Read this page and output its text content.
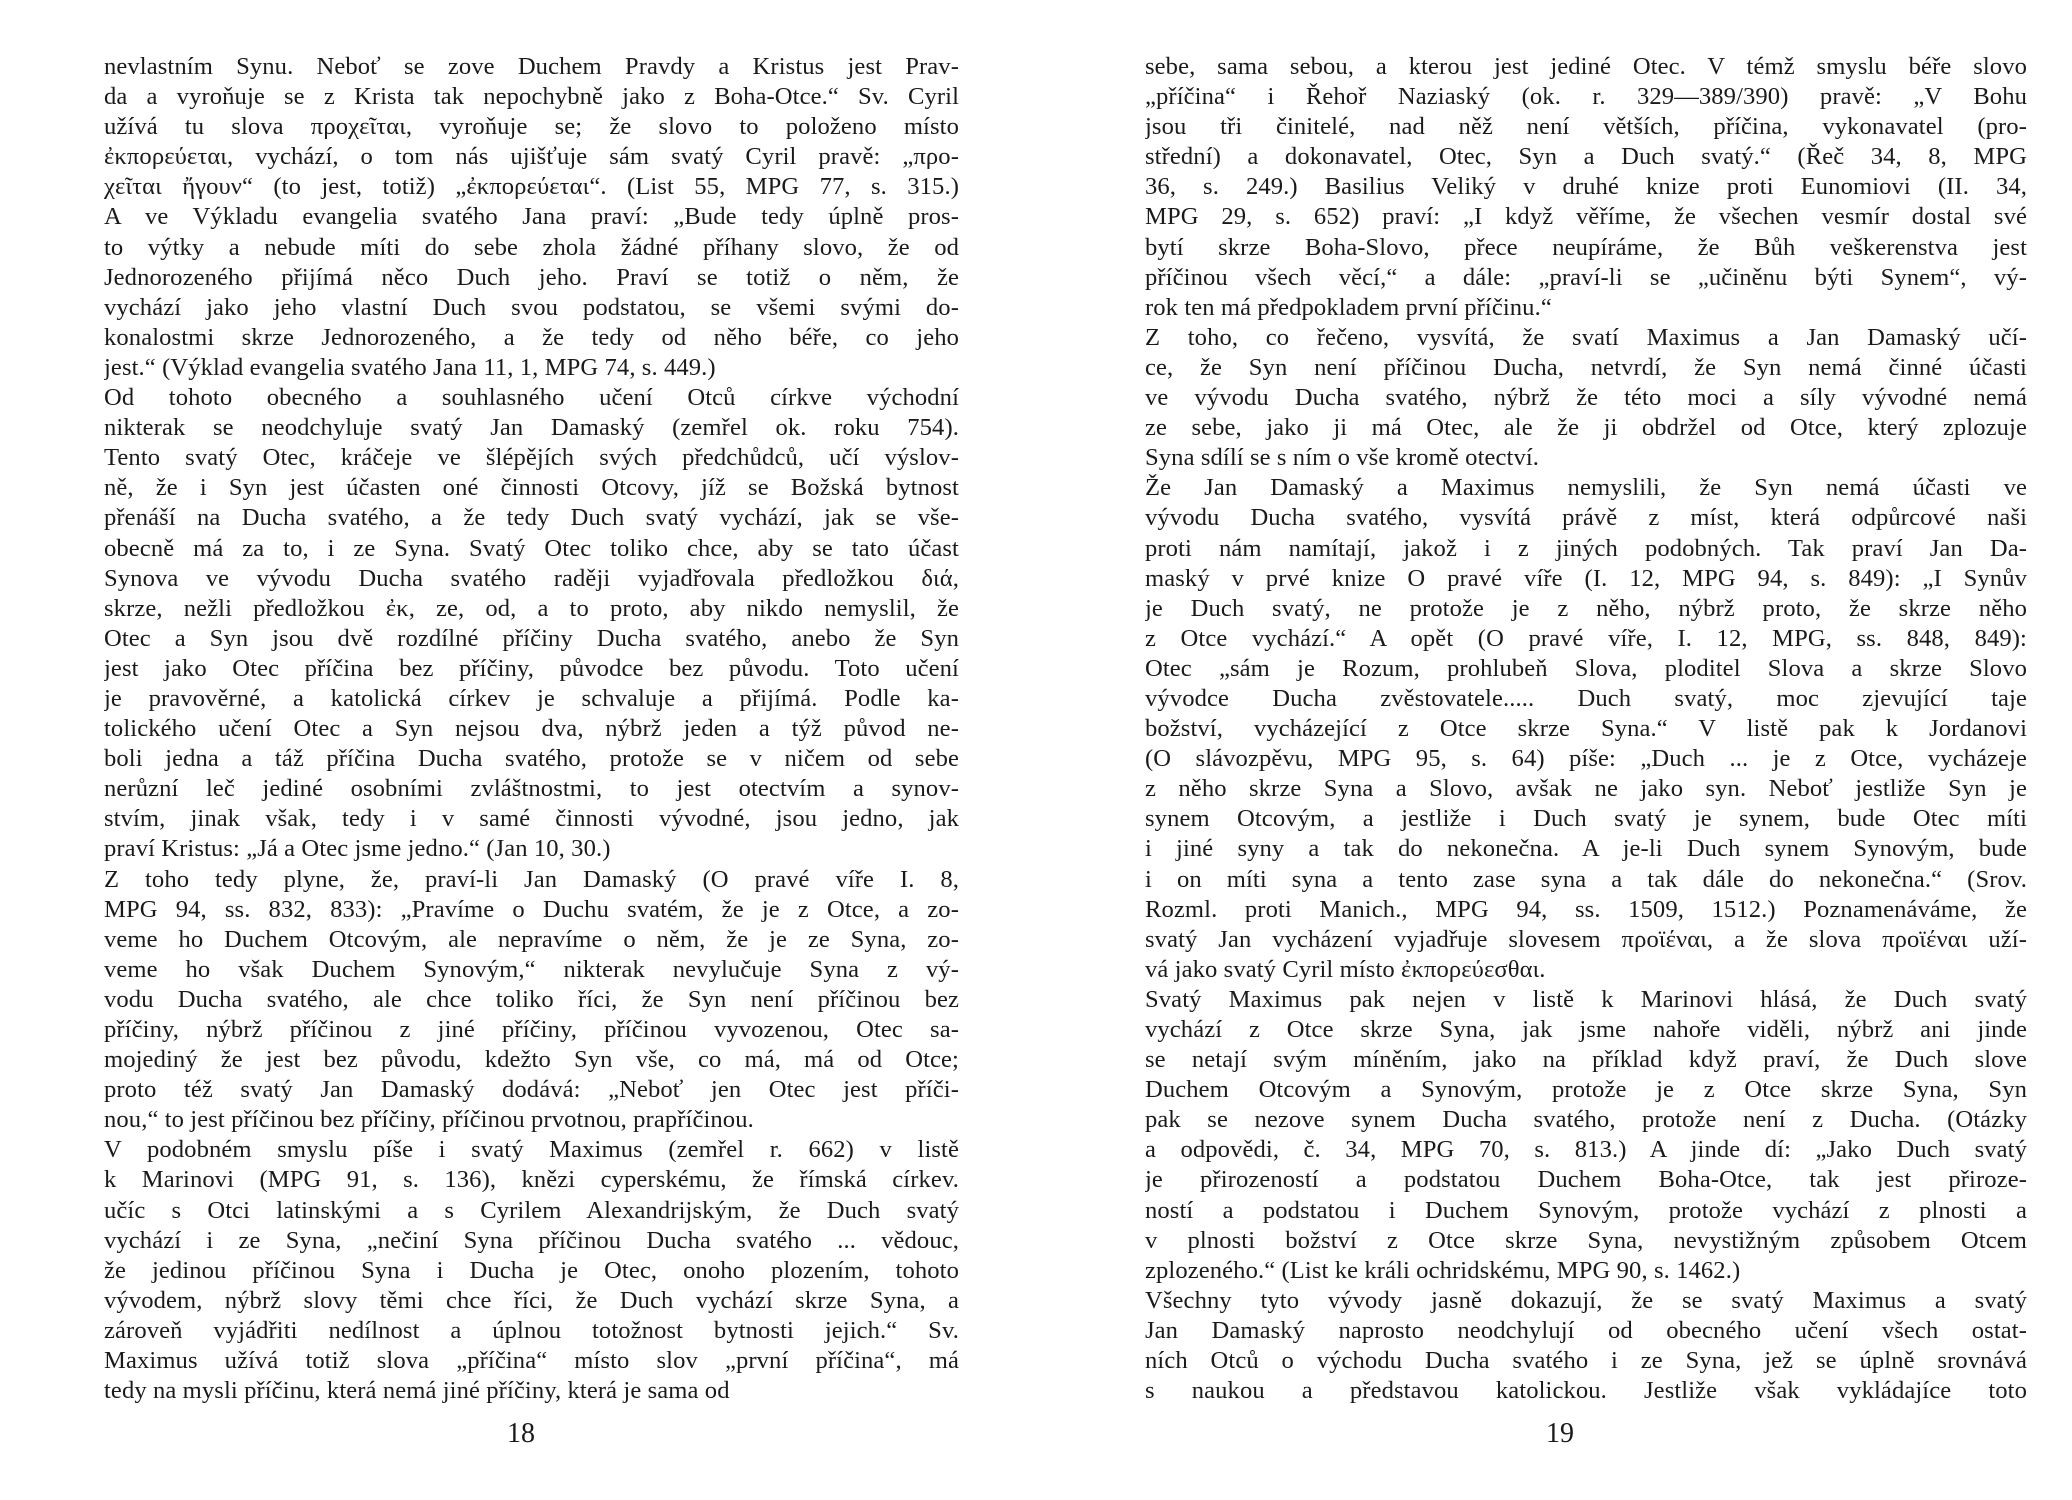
nevlastním Synu. Neboť se zove Duchem Pravdy a Kristus jest Prav-
da a vyroňuje se z Krista tak nepochybně jako z Boha-Otce.“ Sv. Cyril
užívá tu slova προχεῖται, vyroňuje se; že slovo to položeno místo
ἐκπορεύεται, vychází, o tom nás ujišťuje sám svatý Cyril pravě: „προ-
χεῖται ἤγουν“ (to jest, totiž) „ἐκπορεύεται“. (List 55, MPG 77, s. 315.)
A ve Výkladu evangelia svatého Jana praví: „Bude tedy úplně pros-
to výtky a nebude míti do sebe zhola žádné příhany slovo, že od
Jednorozeného přijímá něco Duch jeho. Praví se totiž o něm, že
vychází jako jeho vlastní Duch svou podstatou, se všemi svými do-
konalostmi skrze Jednorozeného, a že tedy od něho béře, co jeho
jest.“ (Výklad evangelia svatého Jana 11, 1, MPG 74, s. 449.)
Od tohoto obecného a souhlasného učení Otců církve východní
nikterak se neodchyluje svatý Jan Damaský (zemřel ok. roku 754).
Tento svatý Otec, kráčeje ve šlépějích svých předchůdců, učí výslov-
ně, že i Syn jest účasten oné činnosti Otcovy, jíž se Božská bytnost
přenáší na Ducha svatého, a že tedy Duch svatý vychází, jak se vše-
obecně má za to, i ze Syna. Svatý Otec toliko chce, aby se tato účast
Synova ve vývodu Ducha svatého raději vyjadřovala předložkou διά,
skrze, nežli předložkou ἐκ, ze, od, a to proto, aby nikdo nemyslil, že
Otec a Syn jsou dvě rozdílné příčiny Ducha svatého, anebo že Syn
jest jako Otec příčina bez příčiny, původce bez původu. Toto učení
je pravověrné, a katolická církev je schvaluje a přijímá. Podle ka-
tolického učení Otec a Syn nejsou dva, nýbrž jeden a týž původ ne-
boli jedna a táž příčina Ducha svatého, protože se v ničem od sebe
nerůzní leč jediné osobními zvláštnostmi, to jest otectvím a synov-
stvím, jinak však, tedy i v samé činnosti vývodné, jsou jedno, jak
praví Kristus: „Já a Otec jsme jedno.“ (Jan 10, 30.)
Z toho tedy plyne, že, praví-li Jan Damaský (O pravé víře I. 8,
MPG 94, ss. 832, 833): „Pravíme o Duchu svatém, že je z Otce, a zo-
veme ho Duchem Otcovým, ale nepravíme o něm, že je ze Syna, zo-
veme ho však Duchem Synovým,“ nikterak nevylučuje Syna z vý-
vodu Ducha svatého, ale chce toliko říci, že Syn není příčinou bez
příčiny, nýbrž příčinou z jiné příčiny, příčinou vyvozenou, Otec sa-
mojediný že jest bez původu, kdežto Syn vše, co má, má od Otce;
proto též svatý Jan Damaský dodává: „Neboť jen Otec jest příči-
nou,“ to jest příčinou bez příčiny, příčinou prvotnou, prapříčinou.
V podobném smyslu píše i svatý Maximus (zemřel r. 662) v listě
k Marinovi (MPG 91, s. 136), knězi cyperskému, že římská církev.
učíc s Otci latinskými a s Cyrilem Alexandrijským, že Duch svatý
vychází i ze Syna, „nečiní Syna příčinou Ducha svatého ... vědouc,
že jedinou příčinou Syna i Ducha je Otec, onoho plozením, tohoto
vývodem, nýbrž slovy těmi chce říci, že Duch vychází skrze Syna, a
zároveň vyjádřiti nedílnost a úplnou totožnost bytnosti jejich.“ Sv.
Maximus užívá totiž slova „příčina“ místo slov „první příčina“, má
tedy na mysli příčinu, která nemá jiné příčiny, která je sama od
18
sebe, sama sebou, a kterou jest jediné Otec. V témž smyslu béře slovo
„příčina“ i Řehoř Naziaský (ok. r. 329—389/390) pravě: „V Bohu
jsou tři činitelé, nad něž není větších, příčina, vykonavatel (pro-
střední) a dokonavatel, Otec, Syn a Duch svatý.“ (Řeč 34, 8, MPG
36, s. 249.) Basilius Veliký v druhé knize proti Eunomiovi (II. 34,
MPG 29, s. 652) praví: „I když věříme, že všechen vesmír dostal své
bytí skrze Boha-Slovo, přece neupíráme, že Bůh veškerenstva jest
příčinou všech věcí,“ a dále: „praví-li se „učiněnu býti Synem“, vý-
rok ten má předpokladem první příčinu.“
Z toho, co řečeno, vysvítá, že svatí Maximus a Jan Damaský učí-
ce, že Syn není příčinou Ducha, netvrdí, že Syn nemá činné účasti
ve vývodu Ducha svatého, nýbrž že této moci a síly vývodné nemá
ze sebe, jako ji má Otec, ale že ji obdržel od Otce, který zplozuje
Syna sdílí se s ním o vše kromě otectví.
Že Jan Damaský a Maximus nemyslili, že Syn nemá účasti ve
vývodu Ducha svatého, vysvítá právě z míst, která odpůrcové naši
proti nám namítají, jakož i z jiných podobných. Tak praví Jan Da-
maský v prvé knize O pravé víře (I. 12, MPG 94, s. 849): „I Synův
je Duch svatý, ne protože je z něho, nýbrž proto, že skrze něho
z Otce vychází.“ A opět (O pravé víře, I. 12, MPG, ss. 848, 849):
Otec „sám je Rozum, prohlubeň Slova, ploditel Slova a skrze Slovo
vývodce Ducha zvěstovatele..... Duch svatý, moc zjevující taje
božství, vycházející z Otce skrze Syna.“ V listě pak k Jordanovi
(O slávozpěvu, MPG 95, s. 64) píše: „Duch ... je z Otce, vycházeje
z něho skrze Syna a Slovo, avšak ne jako syn. Neboť jestliže Syn je
synem Otcovým, a jestliže i Duch svatý je synem, bude Otec míti
i jiné syny a tak do nekonečna. A je-li Duch synem Synovým, bude
i on míti syna a tento zase syna a tak dále do nekonečna.“ (Srov.
Rozml. proti Manich., MPG 94, ss. 1509, 1512.) Poznamenáváme, že
svatý Jan vycházení vyjadřuje slovesem προϊέναι, a že slova προϊέναι uží-
vá jako svatý Cyril místo ἐκπορεύεσθαι.
Svatý Maximus pak nejen v listě k Marinovi hlásá, že Duch svatý
vychází z Otce skrze Syna, jak jsme nahoře viděli, nýbrž ani jinde
se netají svým míněním, jako na příklad když praví, že Duch slove
Duchem Otcovým a Synovým, protože je z Otce skrze Syna, Syn
pak se nezove synem Ducha svatého, protože není z Ducha. (Otázky
a odpovědi, č. 34, MPG 70, s. 813.) A jinde dí: „Jako Duch svatý
je přirozeností a podstatou Duchem Boha-Otce, tak jest přiroze-
ností a podstatou i Duchem Synovým, protože vychází z plnosti a
v plnosti božství z Otce skrze Syna, nevystižným způsobem Otcem
zplozeného.“ (List ke králi ochridskému, MPG 90, s. 1462.)
Všechny tyto vývody jasně dokazují, že se svatý Maximus a svatý
Jan Damaský naprosto neodchylují od obecného učení všech ostat-
ních Otců o východu Ducha svatého i ze Syna, jež se úplně srovnává
s naukou a představou katolickou. Jestliže však vykládajíce toto
19
